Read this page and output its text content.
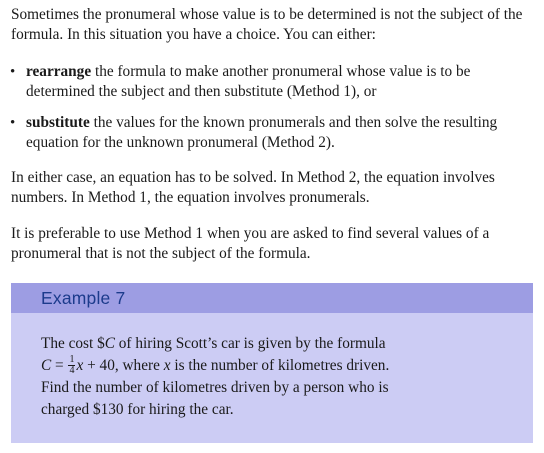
Sometimes the pronumeral whose value is to be determined is not the subject of the formula. In this situation you have a choice. You can either:

• rearrange the formula to make another pronumeral whose value is to be determined the subject and then substitute (Method 1), or
• substitute the values for the known pronumerals and then solve the resulting equation for the unknown pronumeral (Method 2).

In either case, an equation has to be solved. In Method 2, the equation involves numbers. In Method 1, the equation involves pronumerals.

It is preferable to use Method 1 when you are asked to find several values of a pronumeral that is not the subject of the formula.

Example 7
The cost $C of hiring Scott’s car is given by the formula
$C = \frac{1}{4}$ x + 40, where x is the number of kilometres driven.
Find the number of kilometres driven by a person who is
charged $130 for hiring the car.
